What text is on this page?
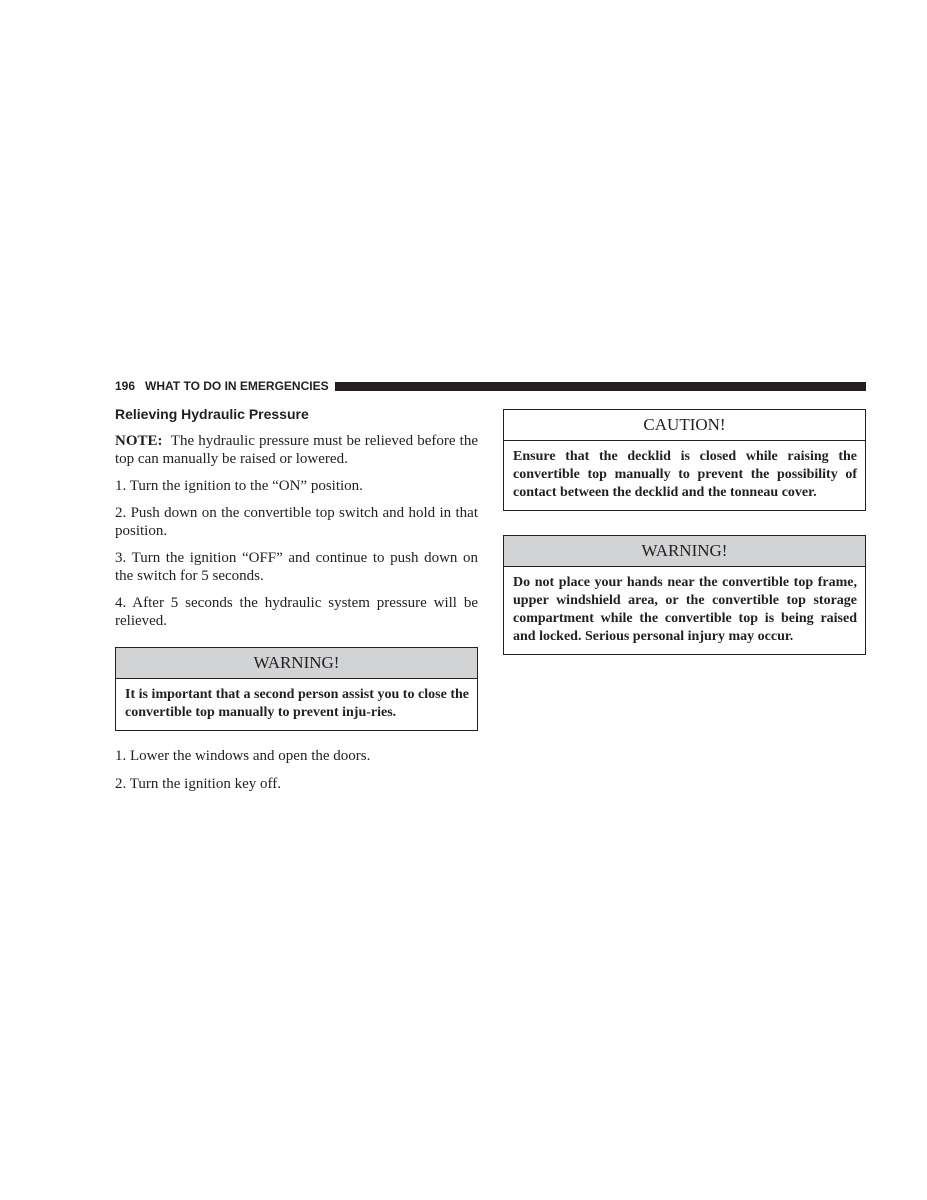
196 WHAT TO DO IN EMERGENCIES
Relieving Hydraulic Pressure

NOTE: The hydraulic pressure must be relieved before the top can manually be raised or lowered.

1. Turn the ignition to the “ON” position.

2. Push down on the convertible top switch and hold in that position.

3. Turn the ignition “OFF” and continue to push down on the switch for 5 seconds.

4. After 5 seconds the hydraulic system pressure will be relieved.

WARNING!
It is important that a second person assist you to close the convertible top manually to prevent inju-ries.

1. Lower the windows and open the doors.

2. Turn the ignition key off.

CAUTION!
Ensure that the decklid is closed while raising the convertible top manually to prevent the possibility of contact between the decklid and the tonneau cover.
WARNING!
Do not place your hands near the convertible top frame, upper windshield area, or the convertible top storage compartment while the convertible top is being raised and locked. Serious personal injury may occur.
